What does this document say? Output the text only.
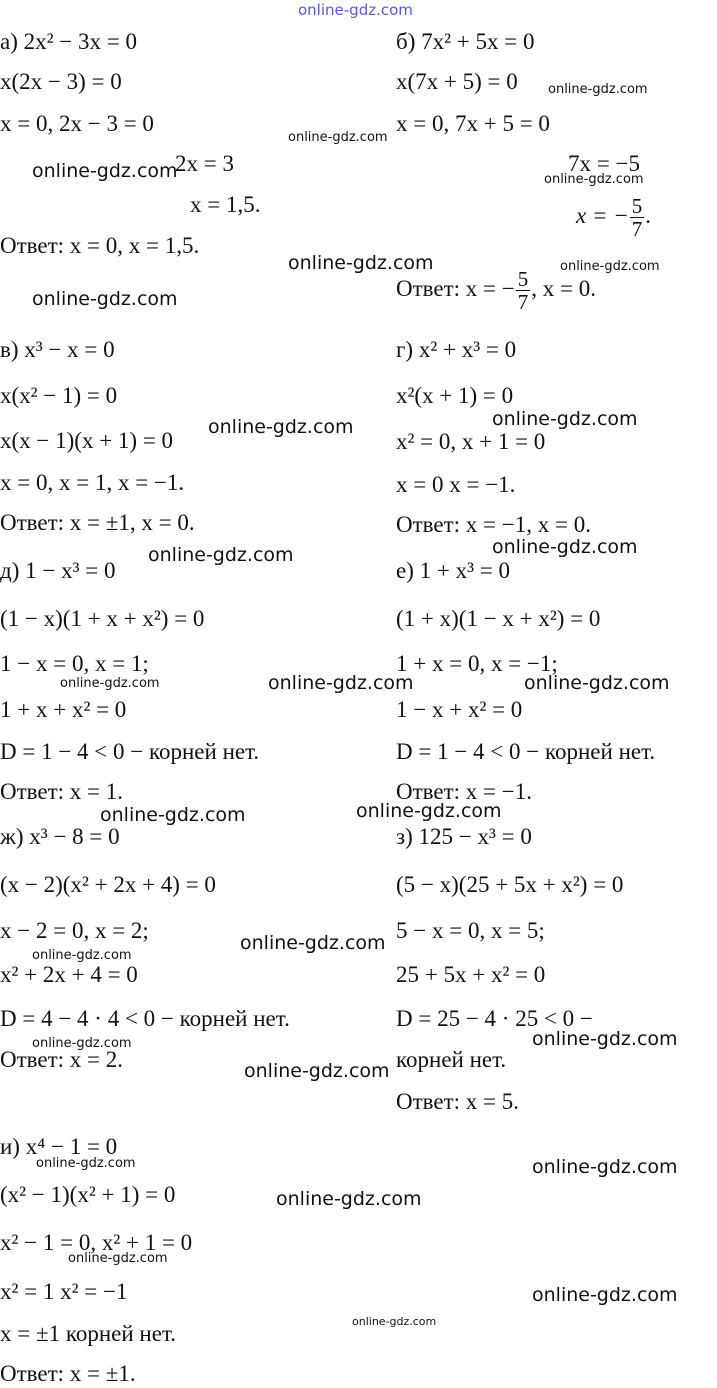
x = − $\frac{5}{7}$ .
Ответ: x = − $\frac{5}{7}$ , x = 0.
а) 2x² − 3x = 0
x(2x − 3) = 0
x = 0, 2x − 3 = 0
2x = 3
x = 1,5.
Ответ: x = 0, x = 1,5.
б) 7x² + 5x = 0
x(7x + 5) = 0
x = 0, 7x + 5 = 0
7x = −5
в) x³ − x = 0
x(x² − 1) = 0
x(x − 1)(x + 1) = 0
x = 0, x = 1, x = −1.
Ответ: x = ±1, x = 0.
г) x² + x³ = 0
x²(x + 1) = 0
x² = 0, x + 1 = 0
x = 0 x = −1.
Ответ: x = −1, x = 0.
д) 1 − x³ = 0
(1 − x)(1 + x + x²) = 0
1 − x = 0, x = 1;
1 + x + x² = 0
D = 1 − 4 < 0 − корней нет.
Ответ: x = 1.
е) 1 + x³ = 0
(1 + x)(1 − x + x²) = 0
1 + x = 0, x = −1;
1 − x + x² = 0
D = 1 − 4 < 0 − корней нет.
Ответ: x = −1.
ж) x³ − 8 = 0
(x − 2)(x² + 2x + 4) = 0
x − 2 = 0, x = 2;
x² + 2x + 4 = 0
D = 4 − 4 · 4 < 0 − корней нет.
Ответ: x = 2.
з) 125 − x³ = 0
(5 − x)(25 + 5x + x²) = 0
5 − x = 0, x = 5;
25 + 5x + x² = 0
D = 25 − 4 · 25 < 0 −
корней нет.
Ответ: x = 5.
и) x⁴ − 1 = 0
(x² − 1)(x² + 1) = 0
x² − 1 = 0, x² + 1 = 0
x² = 1 x² = −1
x = ±1 корней нет.
Ответ: x = ±1.
online-gdz.com
online-gdz.com
online-gdz.com
online-gdz.com	online-gdz.com
online-gdz.com	online-gdz.com
online-gdz.com
online-gdz.com	online-gdz.com
online-gdz.com	online-gdz.com
online-gdz.com	online-gdz.com	online-gdz.com
online-gdz.com	online-gdz.com
online-gdz.com
online-gdz.com
online-gdz.com	online-gdz.com
online-gdz.com
online-gdz.com	online-gdz.com
online-gdz.com
online-gdz.com
online-gdz.com
online-gdz.com
